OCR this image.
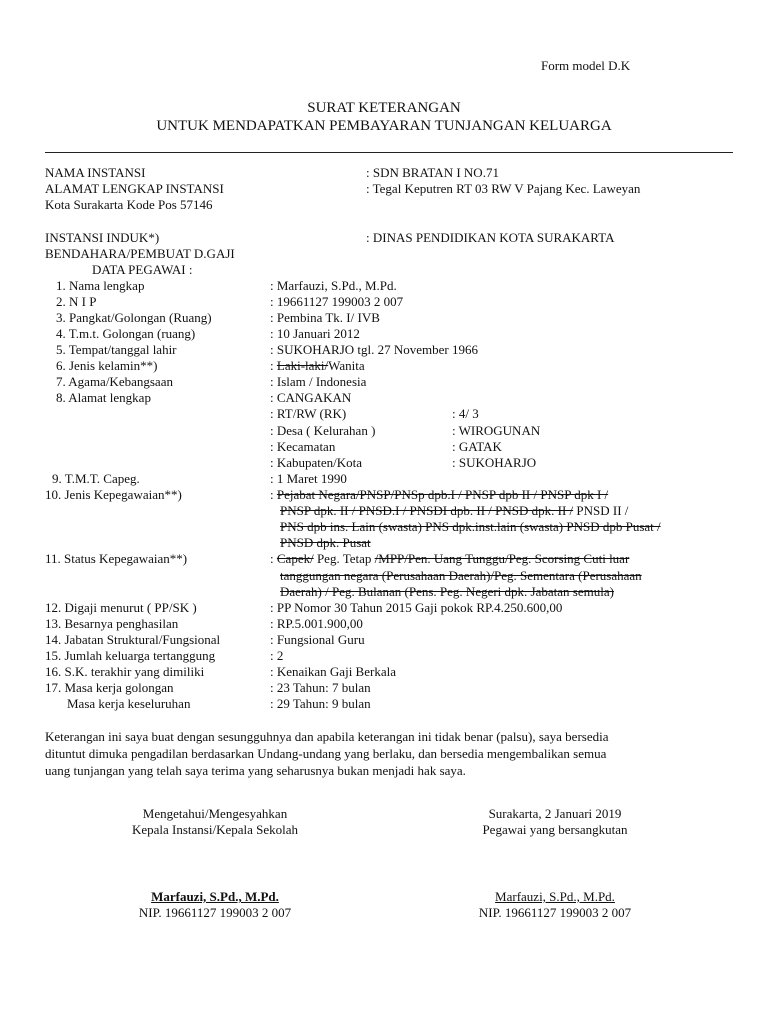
Form model D.K
SURAT KETERANGAN
UNTUK MENDAPATKAN PEMBAYARAN TUNJANGAN KELUARGA
NAMA INSTANSI	: SDN BRATAN I NO.71
ALAMAT LENGKAP INSTANSI	: Tegal Keputren RT 03 RW V Pajang Kec. Laweyan
Kota Surakarta Kode Pos 57146
INSTANSI INDUK*)	: DINAS PENDIDIKAN KOTA SURAKARTA
BENDAHARA/PEMBUAT D.GAJI
DATA PEGAWAI :
1. Nama lengkap	: Marfauzi, S.Pd., M.Pd.
2. N I P	: 19661127 199003 2 007
3. Pangkat/Golongan (Ruang)	: Pembina Tk. I/ IVB
4. T.m.t. Golongan (ruang)	: 10 Januari 2012
5. Tempat/tanggal lahir	: SUKOHARJO tgl. 27 November 1966
6. Jenis kelamin**)	: Laki-laki/Wanita
7. Agama/Kebangsaan	: Islam / Indonesia
8. Alamat lengkap	: CANGAKAN
: RT/RW (RK)	: 4/ 3
: Desa ( Kelurahan )	: WIROGUNAN
: Kecamatan	: GATAK
: Kabupaten/Kota	: SUKOHARJO
9. T.M.T. Capeg.	: 1 Maret 1990
10. Jenis Kepegawaian**)	: Pejabat Negara/PNSP/PNSp dpb.I / PNSP dpb II / PNSP dpk I /
PNSP dpk. II / PNSD.I / PNSDI dpb. II / PNSD dpk. II / PNSD II /
PNS dpb ins. Lain (swasta) PNS dpk.inst.lain (swasta) PNSD dpb Pusat /
PNSD dpk. Pusat
11. Status Kepegawaian**)	: Capek/ Peg. Tetap /MPP/Pen. Uang Tunggu/Peg. Scorsing Cuti luar
tanggungan negara (Perusahaan Daerah)/Peg. Sementara (Perusahaan
Daerah) / Peg. Bulanan (Pens. Peg. Negeri dpk. Jabatan semula)
12. Digaji menurut ( PP/SK )	: PP Nomor 30 Tahun 2015 Gaji pokok RP.4.250.600,00
13. Besarnya penghasilan	: RP.5.001.900,00
14. Jabatan Struktural/Fungsional	: Fungsional Guru
15. Jumlah keluarga tertanggung	: 2
16. S.K. terakhir yang dimiliki	: Kenaikan Gaji Berkala
17. Masa kerja golongan	: 23 Tahun: 7 bulan
Masa kerja keseluruhan	: 29 Tahun: 9 bulan
Keterangan ini saya buat dengan sesungguhnya dan apabila keterangan ini tidak benar (palsu), saya bersedia
dituntut dimuka pengadilan berdasarkan Undang-undang yang berlaku, dan bersedia mengembalikan semua
uang tunjangan yang telah saya terima yang seharusnya bukan menjadi hak saya.
Mengetahui/Mengesyahkan
Kepala Instansi/Kepala Sekolah
Marfauzi, S.Pd., M.Pd.
NIP. 19661127 199003 2 007
Surakarta, 2 Januari 2019
Pegawai yang bersangkutan
Marfauzi, S.Pd., M.Pd.
NIP. 19661127 199003 2 007
